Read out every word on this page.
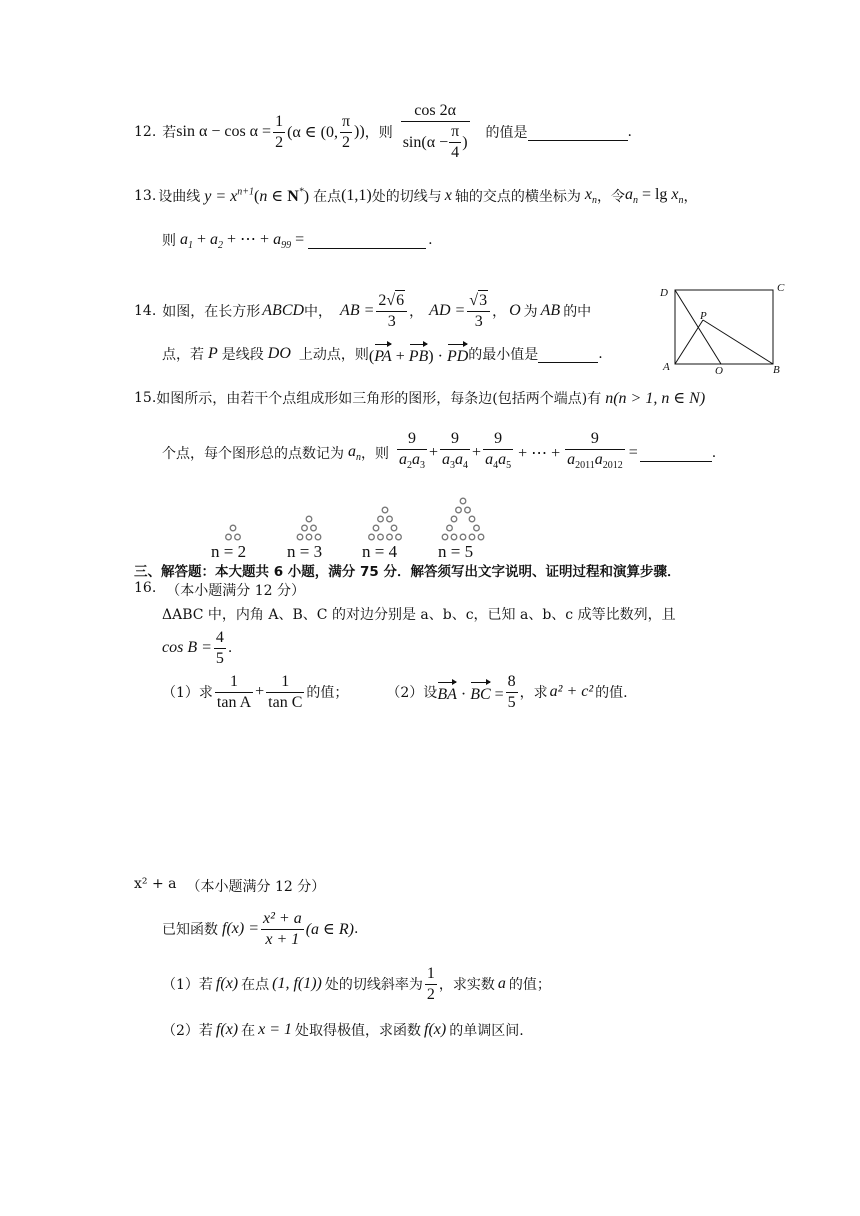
12. 若 $\sin \alpha - \cos \alpha = \frac{1}{2} (\alpha$ ∈ (0, $\frac{\pi}{2}$ )) ，则 $\frac{\cos 2\alpha}{\sin(\alpha - \frac{\pi}{4} )}$ 的值是	.
13. 设曲线 $y = x^{n+1}(n$ ∈ N*) 在点 (1,1) 处的切线与 x 轴的交点的横坐标为 $x_n$ ，令 $a_n = \lg x_n$ ，
则 $a_1 + a_2$ + ⋯ + $a_{99}$ =	.
14. 如图，在长方形 ABCD 中， AB = $\frac{2√6}{3}$ ， AD = $\frac{√3}{3}$ ， O 为 AB 的中
点，若 P 是线段 DO 上动点，则 (PA + PB) · PD 的最小值是	.
D	C
A	B
P
O
15. 如图所示，由若干个点组成形如三角形的图形，每条边(包括两个端点)有 n(n > 1, n ∈ N)
个点，每个图形总的点数记为 $a_n$ ，则 $\frac{9}{a_2a_3} + \frac{9}{a_3a_4} + \frac{9}{a_4a_5}$ + ⋯ + $\frac{9}{a_{2011}a_{2012}}$ =	.
n = 2 n = 3 n = 4 n = 5
三、解答题：本大题共 6 小题，满分 75 分．解答须写出文字说明、证明过程和演算步骤．
16. （本小题满分 12 分）
ΔABC 中，内角 A、B、C 的对边分别是 a、b、c，已知 a、b、c 成等比数列，且
$\cos B = \frac{4}{5}$ .
（1）求 $\frac{1}{\text{tan A}} + \frac{1}{\text{tan C}}$ 的值；	（2）设 BA · BC = $\frac{8}{5}$ ，求 a² + c² 的值.
x² + a （本小题满分 12 分）
已知函数 $f(x) = \frac{\text{x² + a}}{x + 1} (a$ ∈ R) .
（1）若 f(x) 在点 (1, f(1)) 处的切线斜率为 $\frac{1}{2}$ ，求实数 a 的值；
（2）若 f(x) 在 x = 1 处取得极值，求函数 f(x) 的单调区间.
